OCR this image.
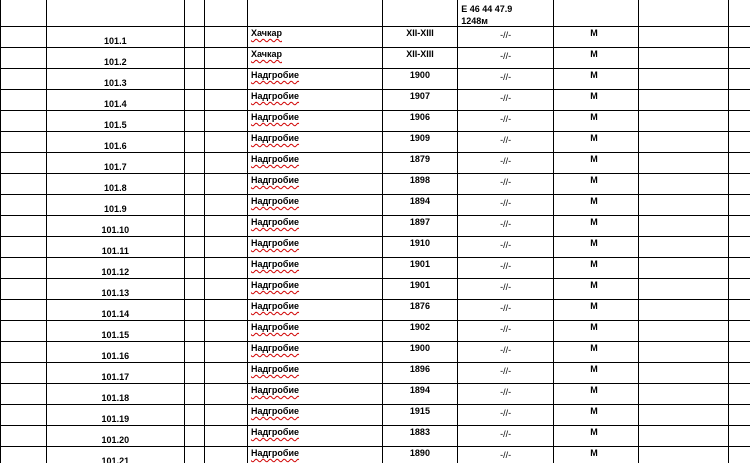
						E 46 44 47.9
1248м			
	101.1			Хачкар	XII-XIII	-//-	М		
	101.2			Хачкар	XII-XIII	-//-	М		
	101.3			Надгробие	1900	-//-	М		
	101.4			Надгробие	1907	-//-	М		
	101.5			Надгробие	1906	-//-	М		
	101.6			Надгробие	1909	-//-	М		
	101.7			Надгробие	1879	-//-	М		
	101.8			Надгробие	1898	-//-	М		
	101.9			Надгробие	1894	-//-	М		
	101.10			Надгробие	1897	-//-	М		
	101.11			Надгробие	1910	-//-	М		
	101.12			Надгробие	1901	-//-	М		
	101.13			Надгробие	1901	-//-	М		
	101.14			Надгробие	1876	-//-	М		
	101.15			Надгробие	1902	-//-	М		
	101.16			Надгробие	1900	-//-	М		
	101.17			Надгробие	1896	-//-	М		
	101.18			Надгробие	1894	-//-	М		
	101.19			Надгробие	1915	-//-	М		
	101.20			Надгробие	1883	-//-	М		
	101.21			Надгробие	1890	-//-	М		
